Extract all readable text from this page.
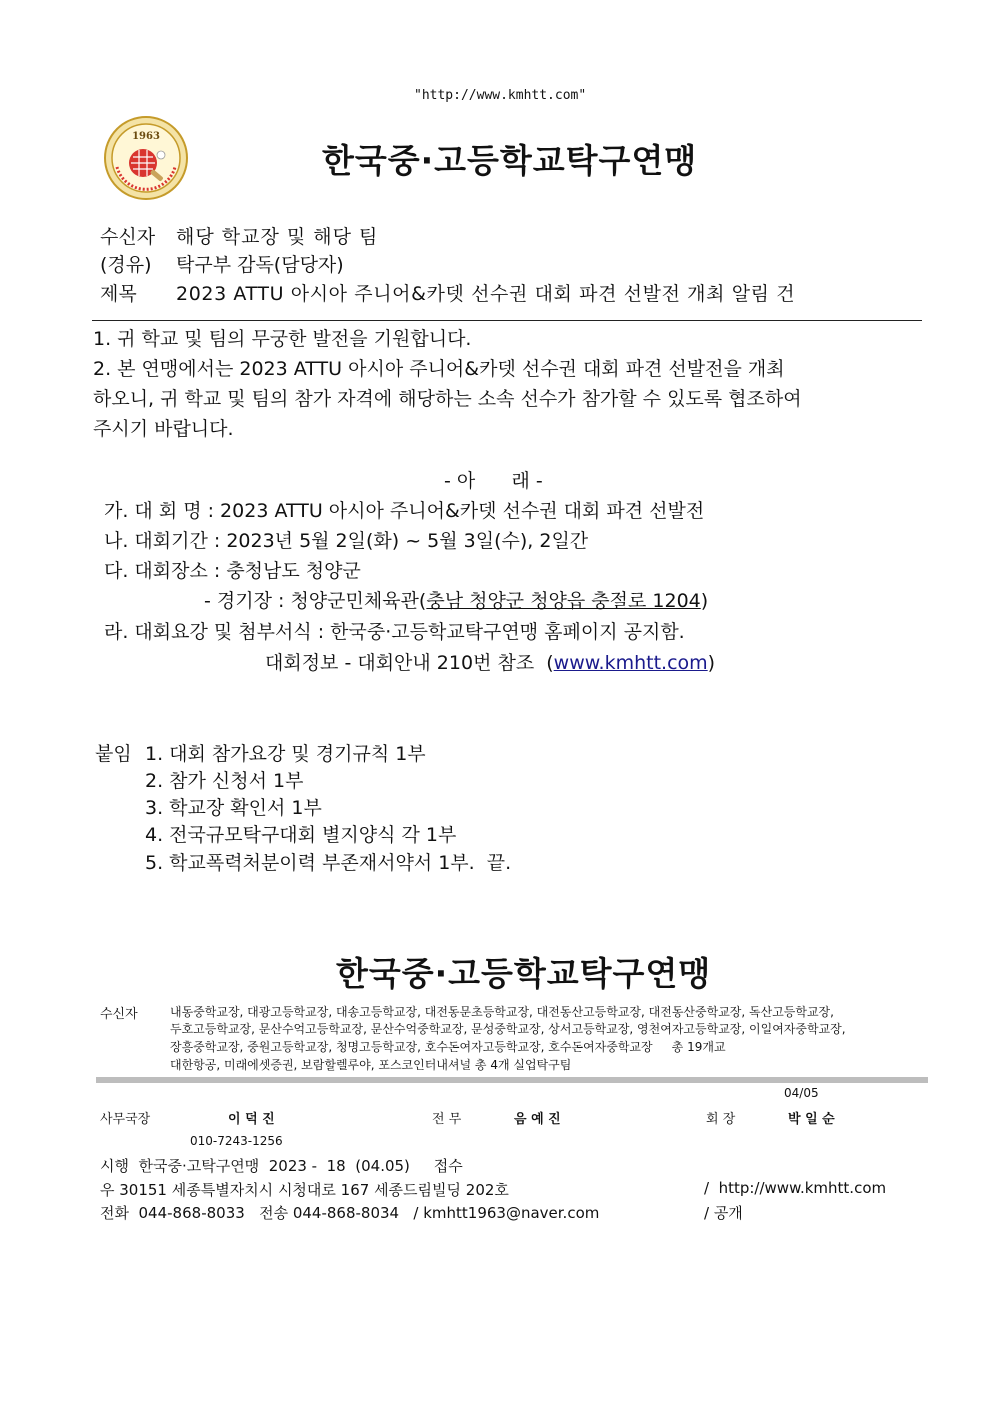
"http://www.kmhtt.com"
1963
한국중·고등학교탁구연맹
수신자 해당 학교장 및 해당 팀
(경유) 탁구부 감독(담당자)
제목 2023 ATTU 아시아 주니어&카뎃 선수권 대회 파견 선발전 개최 알림 건
1. 귀 학교 및 팀의 무궁한 발전을 기원합니다.
2. 본 연맹에서는 2023 ATTU 아시아 주니어&카뎃 선수권 대회 파견 선발전을 개최
하오니, 귀 학교 및 팀의 참가 자격에 해당하는 소속 선수가 참가할 수 있도록 협조하여
주시기 바랍니다.
- 아      래 -
가. 대 회 명 : 2023 ATTU 아시아 주니어&카뎃 선수권 대회 파견 선발전
나. 대회기간 : 2023년 5월 2일(화) ~ 5월 3일(수), 2일간
다. 대회장소 : 충청남도 청양군
- 경기장 : 청양군민체육관(충남 청양군 청양읍 충절로 1204)
라. 대회요강 및 첨부서식 : 한국중·고등학교탁구연맹 홈페이지 공지함.
대회정보 - 대회안내 210번 참조  (www.kmhtt.com)
붙임 1. 대회 참가요강 및 경기규칙 1부
2. 참가 신청서 1부
3. 학교장 확인서 1부
4. 전국규모탁구대회 별지양식 각 1부
5. 학교폭력처분이력 부존재서약서 1부.  끝.
한국중·고등학교탁구연맹
수신자	내동중학교장, 대광고등학교장, 대송고등학교장, 대전동문초등학교장, 대전동산고등학교장, 대전동산중학교장, 독산고등학교장,
두호고등학교장, 문산수억고등학교장, 문산수억중학교장, 문성중학교장, 상서고등학교장, 영천여자고등학교장, 이일여자중학교장,
장흥중학교장, 중원고등학교장, 청명고등학교장, 호수돈여자고등학교장, 호수돈여자중학교장     총 19개교
대한항공, 미래에셋증권, 보람할렐루야, 포스코인터내셔널 총 4개 실업탁구팀
04/05
사무국장	이 덕 진	전 무	음 예 진	회 장	박 일 순
010-7243-1256
시행  한국중·고탁구연맹  2023 -  18  (04.05)     접수
우 30151 세종특별자치시 시청대로 167 세종드림빌딩 202호	/  http://www.kmhtt.com
전화  044-868-8033   전송 044-868-8034   / kmhtt1963@naver.com	/ 공개
